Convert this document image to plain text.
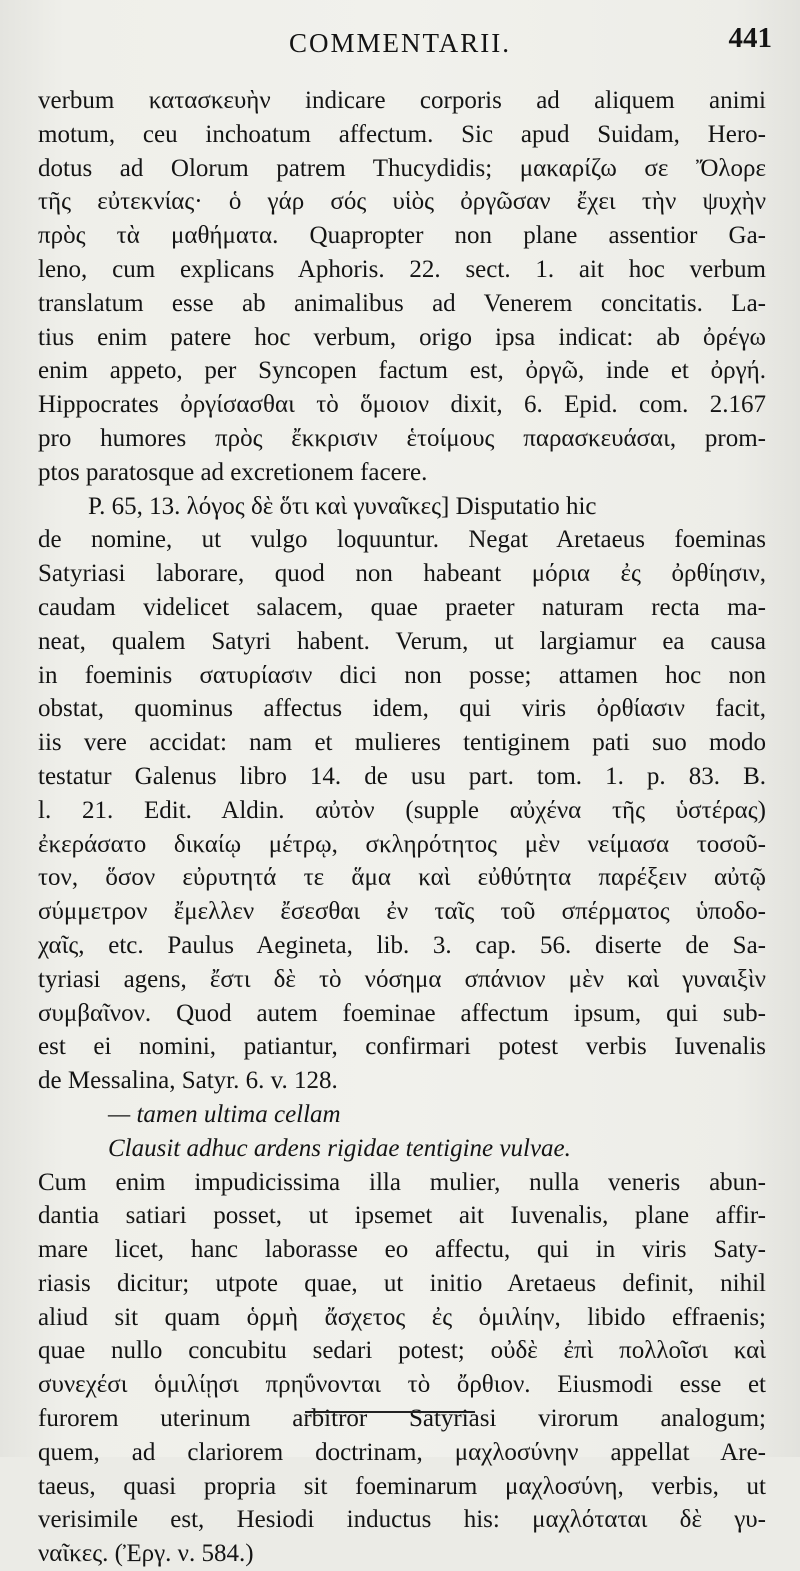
COMMENTARII.	441
verbum κατασκευὴν indicare corporis ad aliquem animi
motum, ceu inchoatum affectum. Sic apud Suidam, Hero-
dotus ad Olorum patrem Thucydidis; μακαρίζω σε Ὄλορε
τῆς εὐτεκνίας· ὁ γάρ σός υἱὸς ὀργῶσαν ἔχει τὴν ψυχὴν
πρὸς τὰ μαθήματα. Quapropter non plane assentior Ga-
leno, cum explicans Aphoris. 22. sect. 1. ait hoc verbum
translatum esse ab animalibus ad Venerem concitatis. La-
tius enim patere hoc verbum, origo ipsa indicat: ab ὀρέγω
enim appeto, per Syncopen factum est, ὀργῶ, inde et ὀργή.
Hippocrates ὀργίσασθαι τὸ ὅμοιον dixit, 6. Epid. com. 2.167
pro humores πρὸς ἔκκρισιν ἑτοίμους παρασκευάσαι, prom-
ptos paratosque ad excretionem facere.
P. 65, 13. λόγος δὲ ὅτι καὶ γυναῖκες] Disputatio hic
de nomine, ut vulgo loquuntur. Negat Aretaeus foeminas
Satyriasi laborare, quod non habeant μόρια ἐς ὀρθίησιν,
caudam videlicet salacem, quae praeter naturam recta ma-
neat, qualem Satyri habent. Verum, ut largiamur ea causa
in foeminis σατυρίασιν dici non posse; attamen hoc non
obstat, quominus affectus idem, qui viris ὀρθίασιν facit,
iis vere accidat: nam et mulieres tentiginem pati suo modo
testatur Galenus libro 14. de usu part. tom. 1. p. 83. B.
l. 21. Edit. Aldin. αὐτὸν (supple αὐχένα τῆς ὑστέρας)
ἐκεράσατο δικαίῳ μέτρῳ, σκληρότητος μὲν νείμασα τοσοῦ-
τον, ὅσον εὐρυτητά τε ἅμα καὶ εὐθύτητα παρέξειν αὐτῷ
σύμμετρον ἔμελλεν ἔσεσθαι ἐν ταῖς τοῦ σπέρματος ὑποδο-
χαῖς, etc. Paulus Aegineta, lib. 3. cap. 56. diserte de Sa-
tyriasi agens, ἔστι δὲ τὸ νόσημα σπάνιον μὲν καὶ γυναιξὶν
συμβαῖνον. Quod autem foeminae affectum ipsum, qui sub-
est ei nomini, patiantur, confirmari potest verbis Iuvenalis
de Messalina, Satyr. 6. v. 128.
— tamen ultima cellam
Clausit adhuc ardens rigidae tentigine vulvae.
Cum enim impudicissima illa mulier, nulla veneris abun-
dantia satiari posset, ut ipsemet ait Iuvenalis, plane affir-
mare licet, hanc laborasse eo affectu, qui in viris Saty-
riasis dicitur; utpote quae, ut initio Aretaeus definit, nihil
aliud sit quam ὁρμὴ ἄσχετος ἐς ὁμιλίην, libido effraenis;
quae nullo concubitu sedari potest; οὐδὲ ἐπὶ πολλοῖσι καὶ
συνεχέσι ὁμιλίῃσι πρηΰνονται τὸ ὄρθιον. Eiusmodi esse et
furorem uterinum arbitror Satyriasi virorum analogum;
quem, ad clariorem doctrinam, μαχλοσύνην appellat Are-
taeus, quasi propria sit foeminarum μαχλοσύνη, verbis, ut
verisimile est, Hesiodi inductus his: μαχλόταται δὲ γυ-
ναῖκες. (Ἐργ. ν. 584.)
